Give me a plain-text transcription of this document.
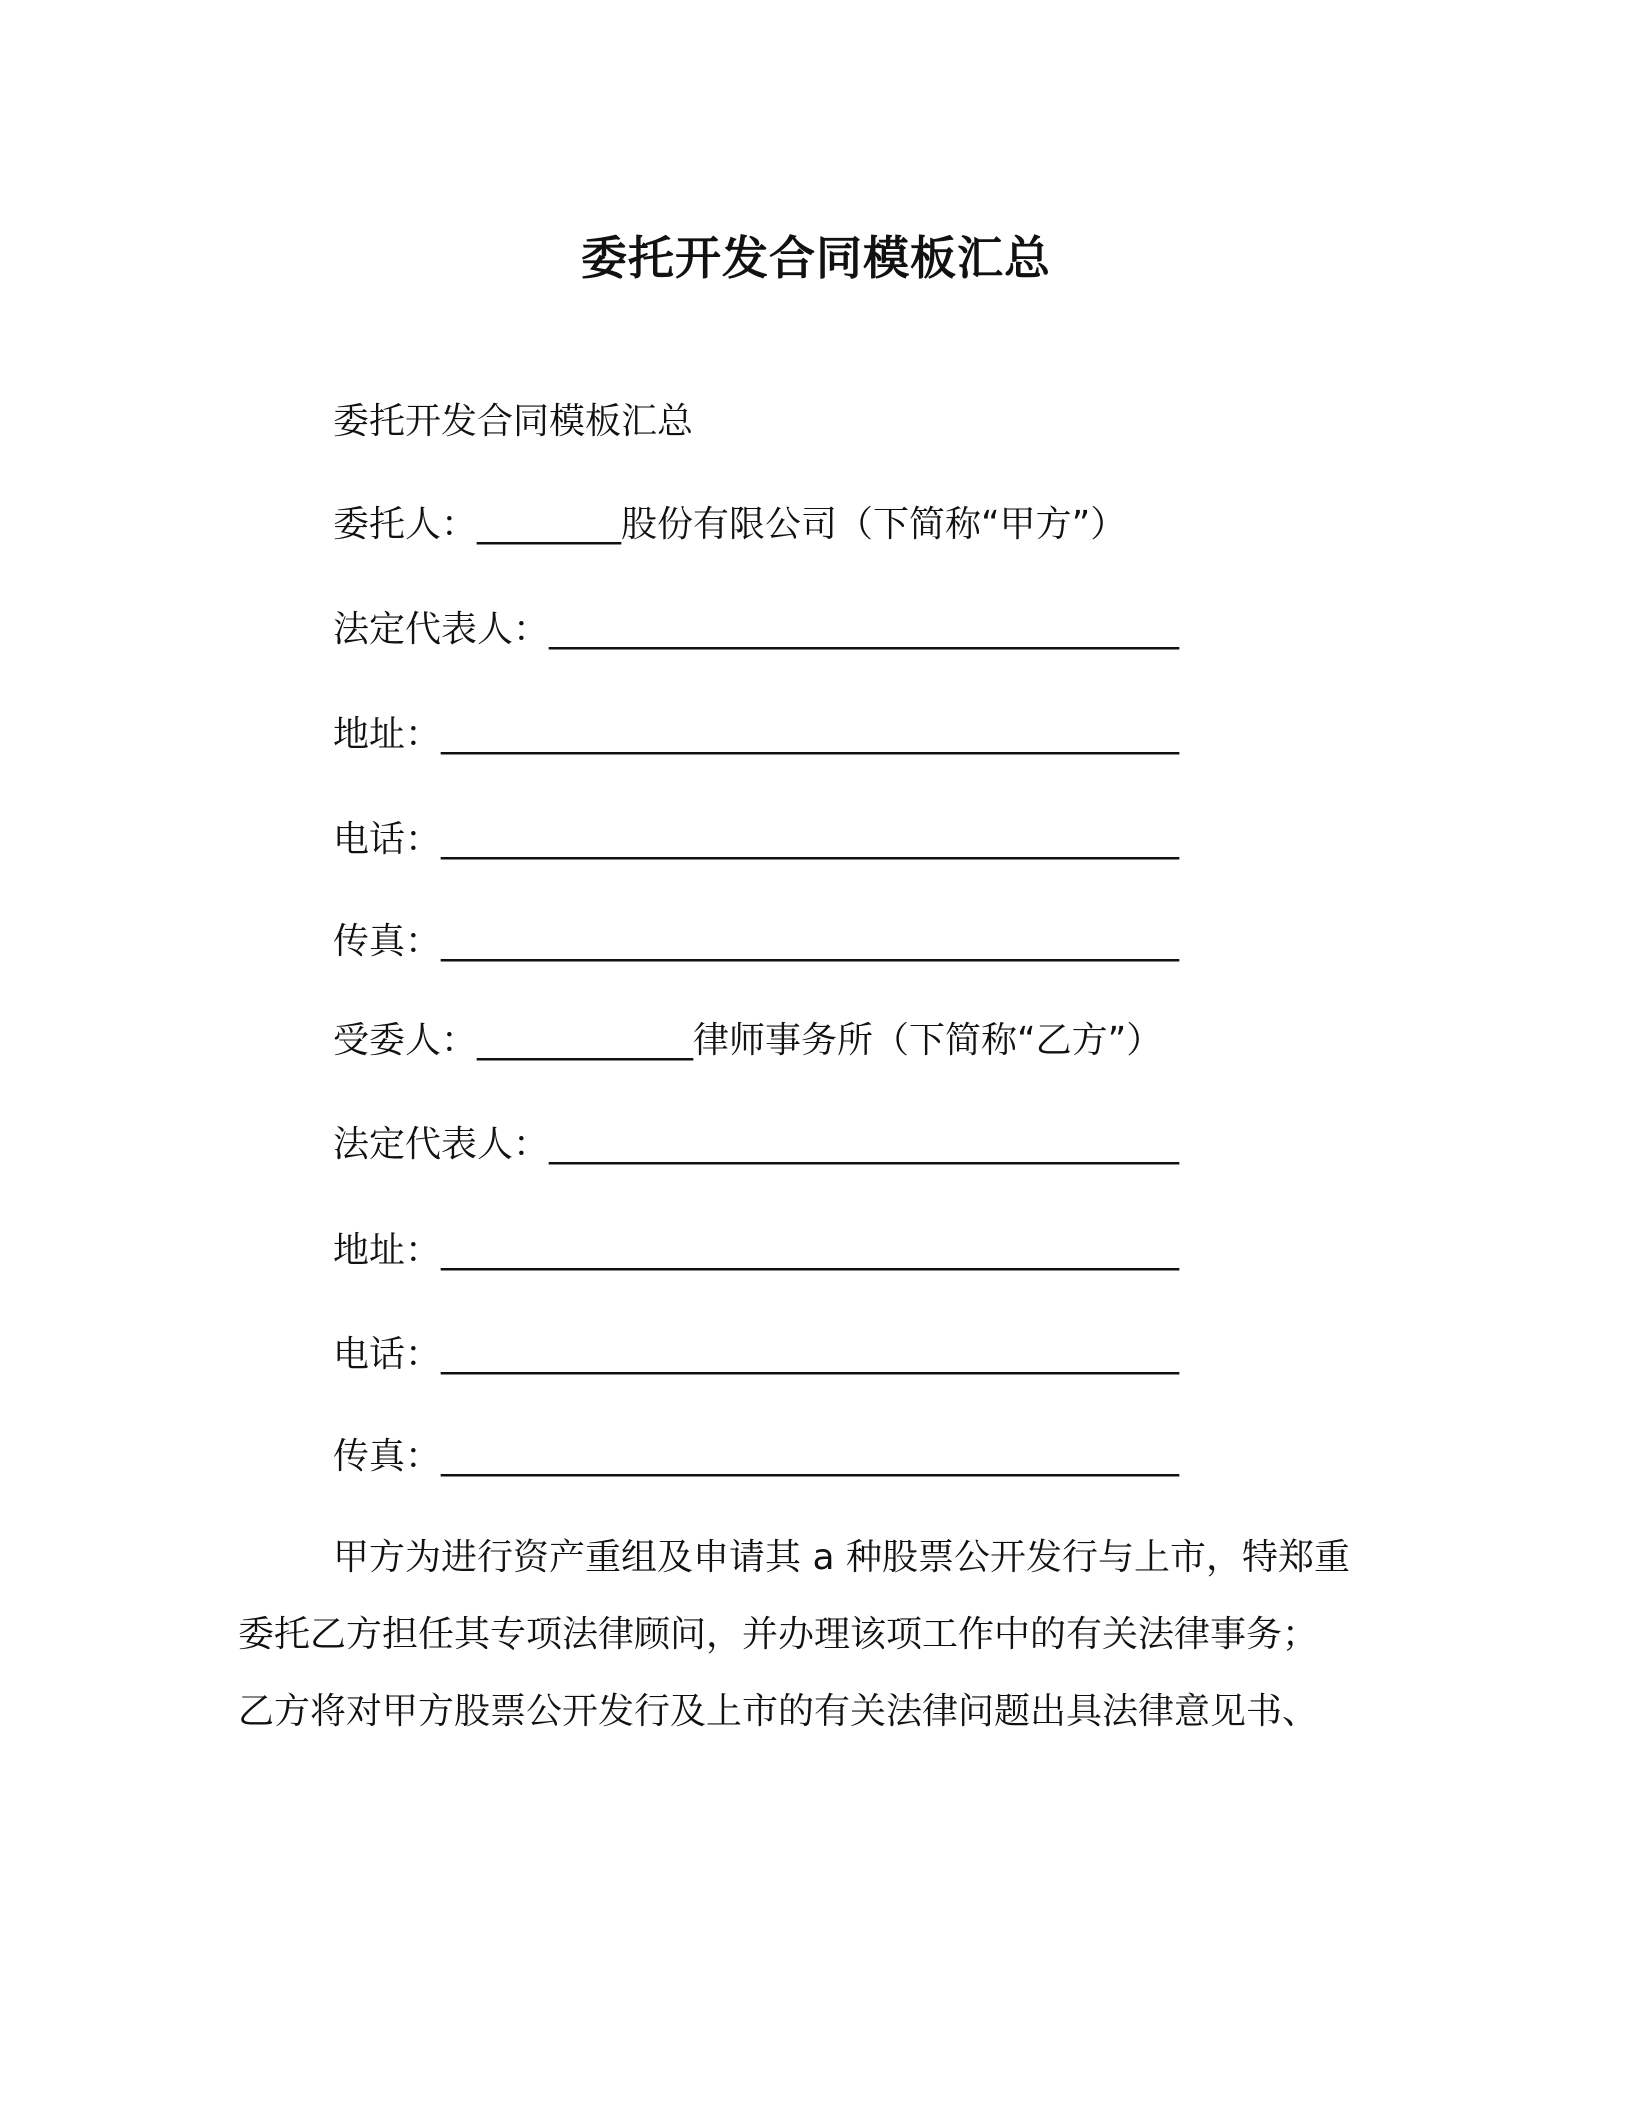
委托开发合同模板汇总
委托开发合同模板汇总
委托人：________股份有限公司（下简称“甲方”）
法定代表人：___________________________________
地址：_________________________________________
电话：_________________________________________
传真：_________________________________________
受委人：____________律师事务所（下简称“乙方”）
法定代表人：___________________________________
地址：_________________________________________
电话：_________________________________________
传真：_________________________________________
甲方为进行资产重组及申请其 a 种股票公开发行与上市，特郑重
委托乙方担任其专项法律顾问，并办理该项工作中的有关法律事务；
乙方将对甲方股票公开发行及上市的有关法律问题出具法律意见书、
